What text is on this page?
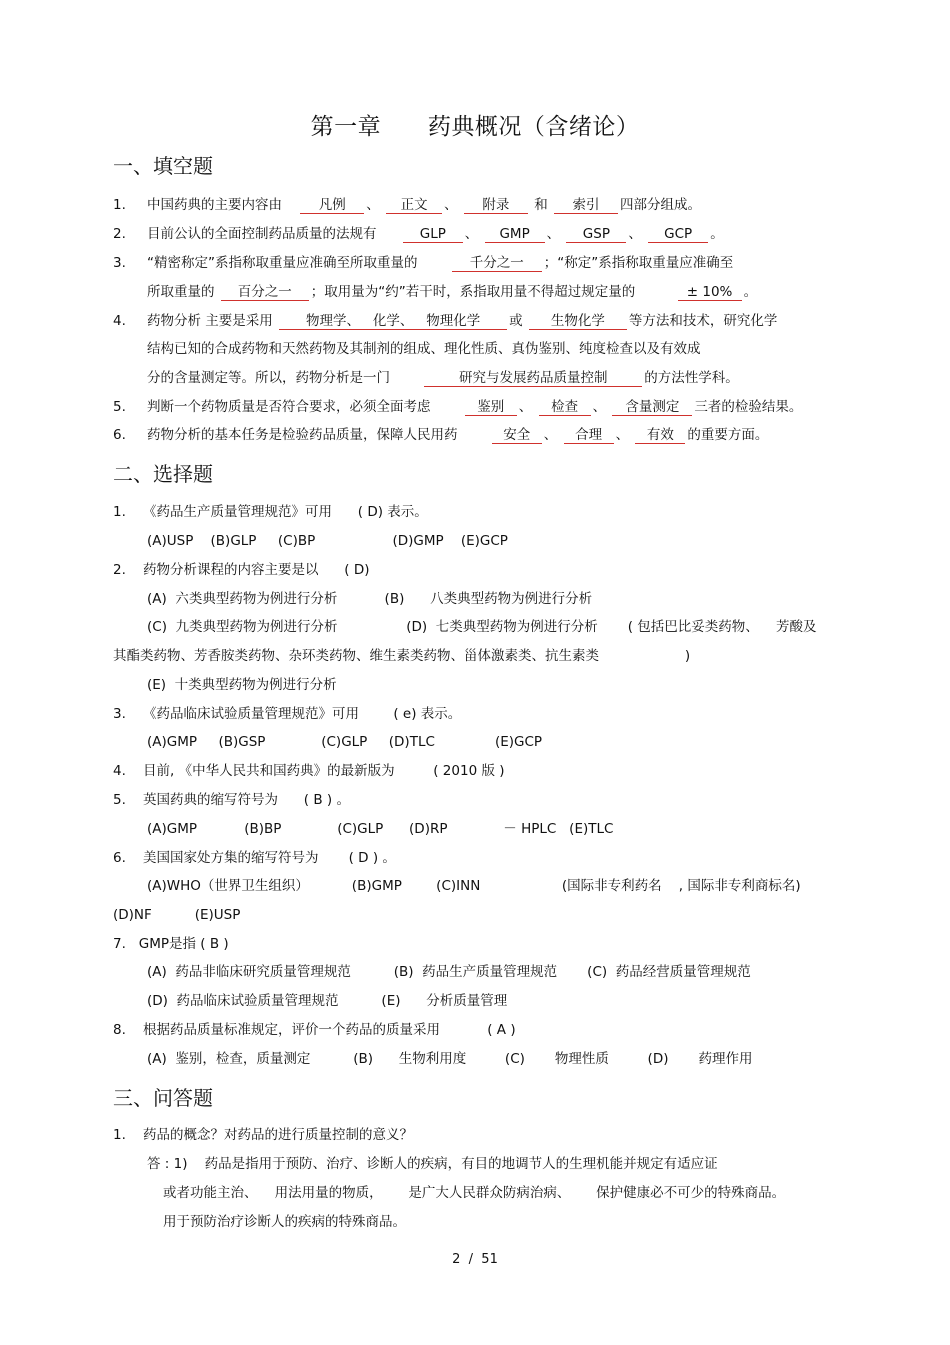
第一章      药典概况（含绪论）
一、填空题
1. 中国药典的主要内容由	凡例 、 正文 、 附录 和 索引 四部分组成。
2. 目前公认的全面控制药品质量的法规有	GLP 、 GMP 、 GSP 、 GCP 。
3. “精密称定”系指称取重量应准确至所取重量的	千分之一 ；“称定”系指称取重量应准确至
所取重量的 百分之一 ；取用量为“约”若干时，系指取用量不得超过规定量的	± 10% 。
4. 药物分析 主要是采用 物理学、   化学、   物理化学 或 生物化学 等方法和技术，研究化学
结构已知的合成药物和天然药物及其制剂的组成、理化性质、真伪鉴别、纯度检查以及有效成
分的含量测定等。所以，药物分析是一门	研究与发展药品质量控制	的方法性学科。
5. 判断一个药物质量是否符合要求，必须全面考虑	鉴别 、 检查 、 含量测定 三者的检验结果。
6. 药物分析的基本任务是检验药品质量，保障人民用药	安全 、 合理 、 有效 的重要方面。
二、选择题
1.    《药品生产质量管理规范》可用      ( D) 表示。
(A)USP    (B)GLP     (C)BP                  (D)GMP    (E)GCP
2.    药物分析课程的内容主要是以      ( D)
(A)  六类典型药物为例进行分析           (B)      八类典型药物为例进行分析
(C)  九类典型药物为例进行分析                (D)  七类典型药物为例进行分析       ( 包括巴比妥类药物、    芳酸及
其酯类药物、芳香胺类药物、杂环类药物、维生素类药物、甾体激素类、抗生素类                    )
(E)  十类典型药物为例进行分析
3.    《药品临床试验质量管理规范》可用        ( e) 表示。
(A)GMP     (B)GSP             (C)GLP     (D)TLC              (E)GCP
4.    目前, 《中华人民共和国药典》的最新版为         ( 2010 版 )
5.    英国药典的缩写符号为      ( B ) 。
(A)GMP           (B)BP             (C)GLP      (D)RP             － HPLC   (E)TLC
6.    美国国家处方集的缩写符号为       ( D ) 。
(A)WHO（世界卫生组织）          (B)GMP        (C)INN                   (国际非专利药名    , 国际非专利商标名)
(D)NF          (E)USP
7.   GMP是指 ( B )
(A)  药品非临床研究质量管理规范          (B)  药品生产质量管理规范       (C)  药品经营质量管理规范
(D)  药品临床试验质量管理规范          (E)      分析质量管理
8.    根据药品质量标准规定，评价一个药品的质量采用           ( A )
(A)  鉴别，检查，质量测定          (B)      生物利用度         (C)       物理性质         (D)       药理作用
三、问答题
1.    药品的概念？对药品的进行质量控制的意义？
答 : 1)    药品是指用于预防、治疗、诊断人的疾病，有目的地调节人的生理机能并规定有适应证
或者功能主治、    用法用量的物质，      是广大人民群众防病治病、      保护健康必不可少的特殊商品。
用于预防治疗诊断人的疾病的特殊商品。
2  /  51
